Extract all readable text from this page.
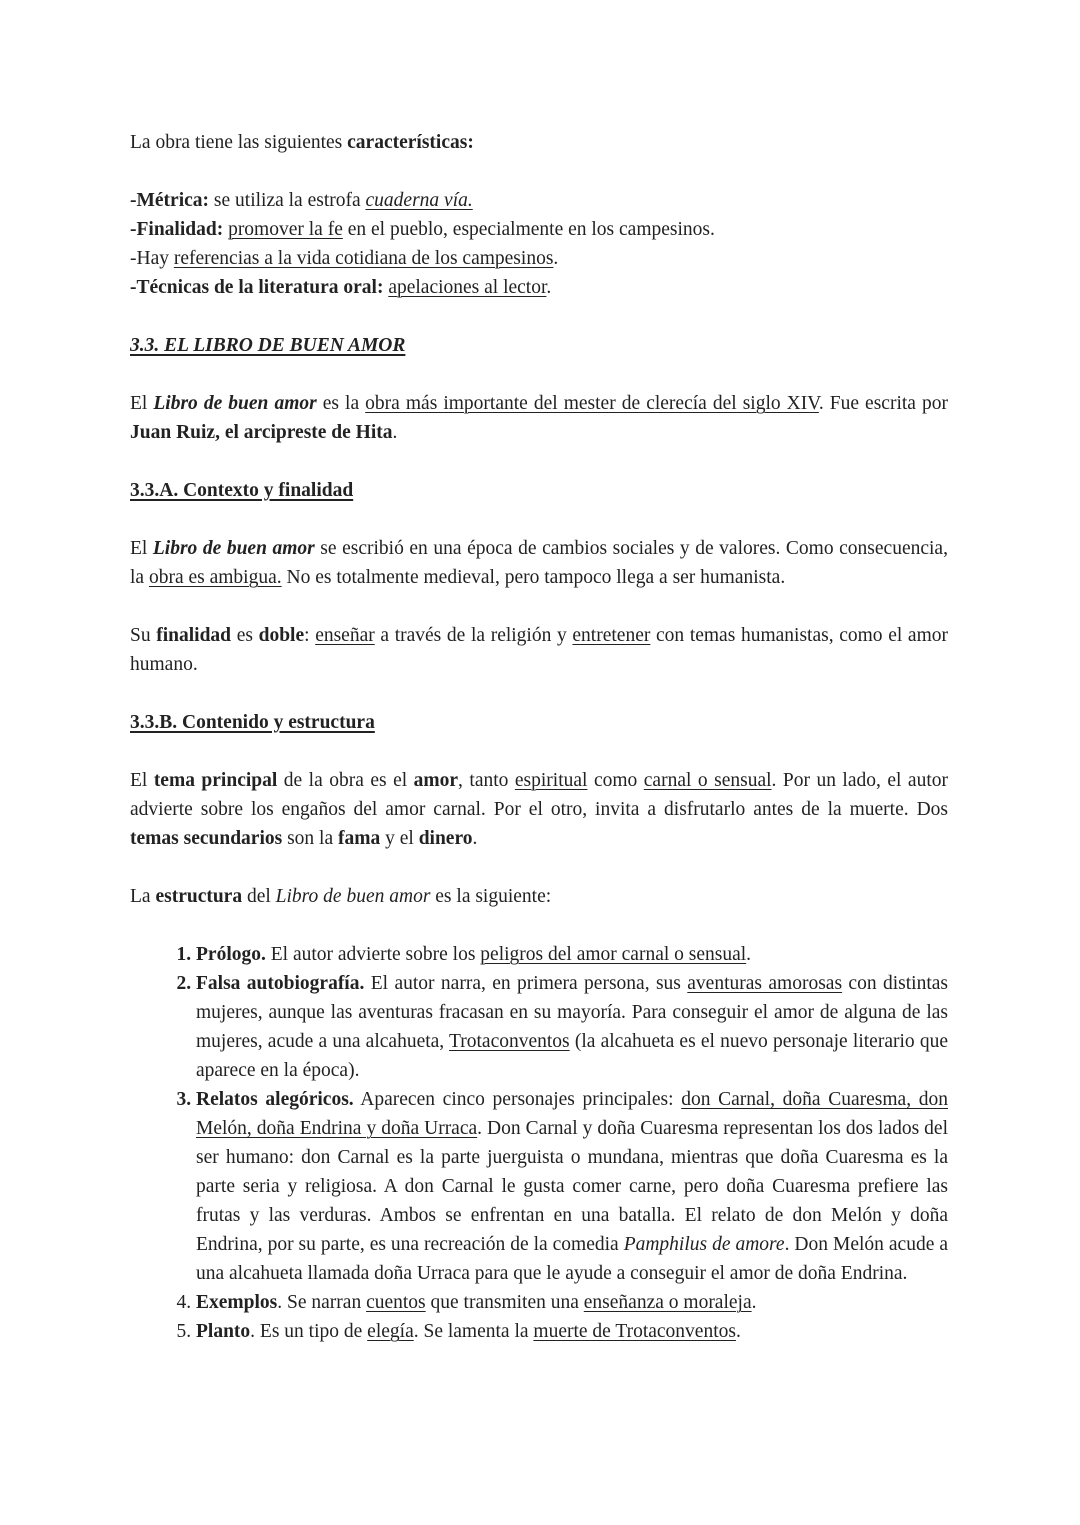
La obra tiene las siguientes características:

-Métrica: se utiliza la estrofa cuaderna vía.

-Finalidad: promover la fe en el pueblo, especialmente en los campesinos.

-Hay referencias a la vida cotidiana de los campesinos.

-Técnicas de la literatura oral: apelaciones al lector.

3.3. EL LIBRO DE BUEN AMOR

El Libro de buen amor es la obra más importante del mester de clerecía del siglo XIV. Fue escrita por Juan Ruiz, el arcipreste de Hita.

3.3.A. Contexto y finalidad

El Libro de buen amor se escribió en una época de cambios sociales y de valores. Como consecuencia, la obra es ambigua. No es totalmente medieval, pero tampoco llega a ser humanista.

Su finalidad es doble: enseñar a través de la religión y entretener con temas humanistas, como el amor humano.

3.3.B. Contenido y estructura

El tema principal de la obra es el amor, tanto espiritual como carnal o sensual. Por un lado, el autor advierte sobre los engaños del amor carnal. Por el otro, invita a disfrutarlo antes de la muerte. Dos temas secundarios son la fama y el dinero.

La estructura del Libro de buen amor es la siguiente:

1. Prólogo. El autor advierte sobre los peligros del amor carnal o sensual.
2. Falsa autobiografía. El autor narra, en primera persona, sus aventuras amorosas con distintas mujeres, aunque las aventuras fracasan en su mayoría. Para conseguir el amor de alguna de las mujeres, acude a una alcahueta, Trotaconventos (la alcahueta es el nuevo personaje literario que aparece en la época).
3. Relatos alegóricos. Aparecen cinco personajes principales: don Carnal, doña Cuaresma, don Melón, doña Endrina y doña Urraca. Don Carnal y doña Cuaresma representan los dos lados del ser humano: don Carnal es la parte juerguista o mundana, mientras que doña Cuaresma es la parte seria y religiosa. A don Carnal le gusta comer carne, pero doña Cuaresma prefiere las frutas y las verduras. Ambos se enfrentan en una batalla. El relato de don Melón y doña Endrina, por su parte, es una recreación de la comedia Pamphilus de amore. Don Melón acude a una alcahueta llamada doña Urraca para que le ayude a conseguir el amor de doña Endrina.
4. Exemplos. Se narran cuentos que transmiten una enseñanza o moraleja.
5. Planto. Es un tipo de elegía. Se lamenta la muerte de Trotaconventos.
